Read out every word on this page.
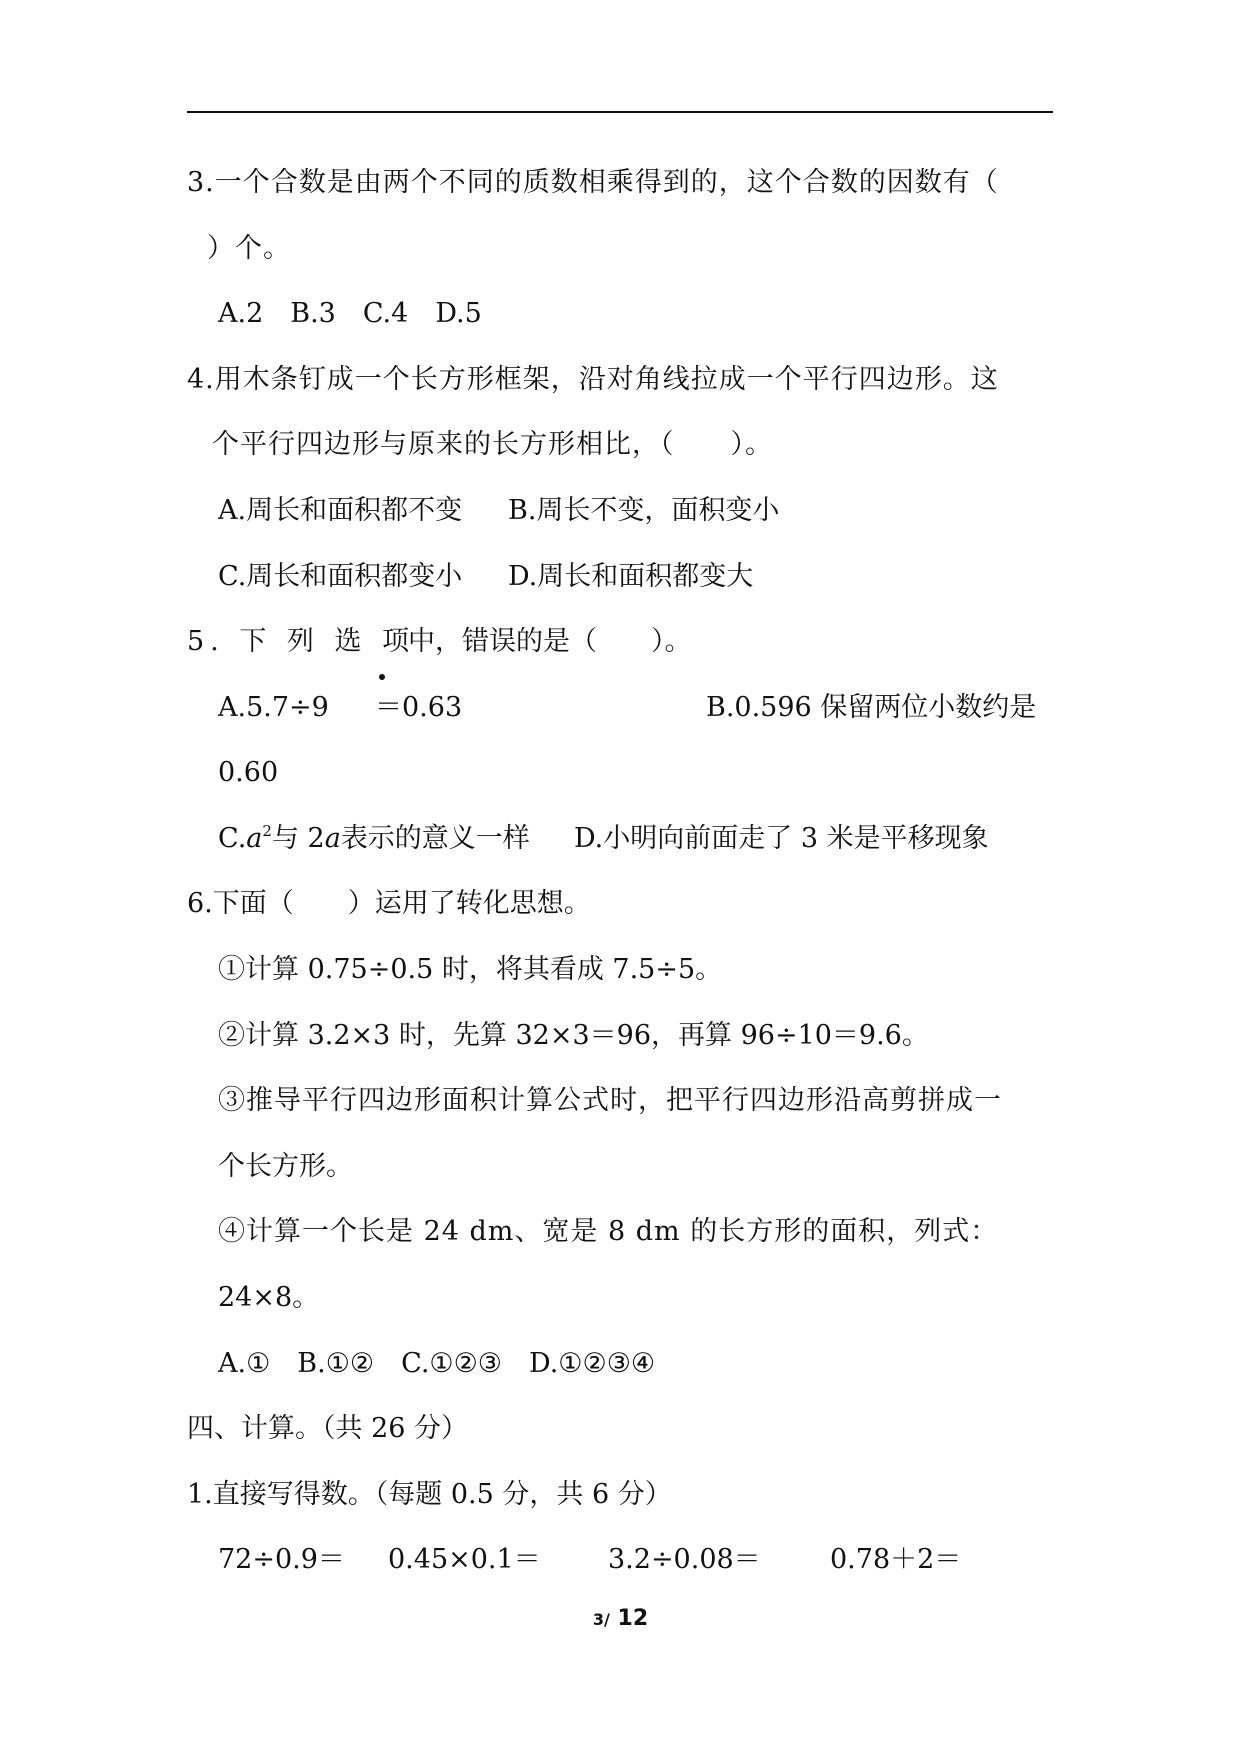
3.一个合数是由两个不同的质数相乘得到的，这个合数的因数有（
）个。
A.2　B.3　C.4　D.5
4.用木条钉成一个长方形框架，沿对角线拉成一个平行四边形。这
个平行四边形与原来的长方形相比，（　　）。
A.周长和面积都不变 B.周长不变，面积变小
C.周长和面积都变小 D.周长和面积都变大
5. 下 列 选 项
中，错误的是（　　）。
A.5.7÷9 ＝0.63	B.0.596 保留两位小数约是
0.60
$C.a^2$与 2a表示的意义一样 D.小明向前面走了 3 米是平移现象
6.下面（　　）运用了转化思想。
①计算 0.75÷0.5 时，将其看成 7.5÷5。
②计算 3.2×3 时，先算 32×3＝96，再算 96÷10＝9.6。
③推导平行四边形面积计算公式时，把平行四边形沿高剪拼成一
个长方形。
④计算一个长是 24 dm、宽是 8 dm 的长方形的面积，列式：
24×8。
A.①　B.①②　C.①②③　D.①②③④
四、计算。（共 26 分）
1.直接写得数。（每题 0.5 分，共 6 分）
72÷0.9＝ 0.45×0.1＝ 3.2÷0.08＝	0.78＋2＝
3/ 12
